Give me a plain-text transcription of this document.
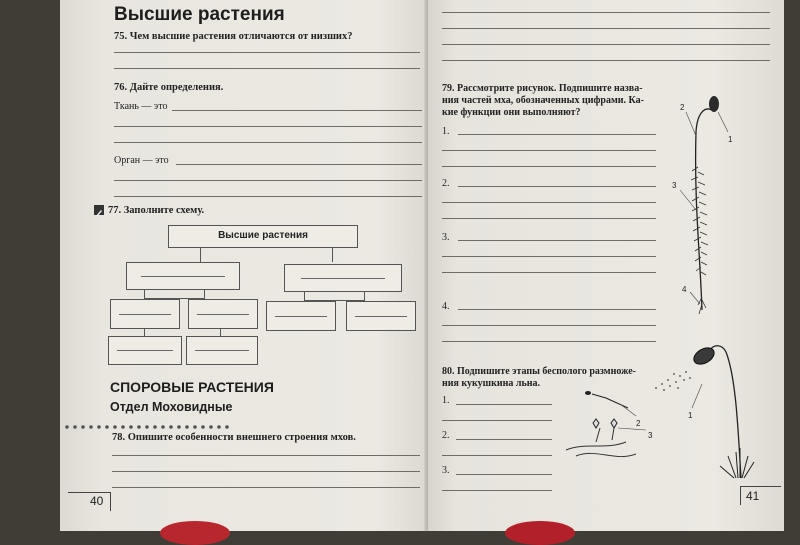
Высшие растения
75. Чем высшие растения отличаются от низших?
76. Дайте определения.
Ткань — это
Орган — это
77. Заполните схему.
Высшие растения
СПОРОВЫЕ РАСТЕНИЯ
Отдел Моховидные
78. Опишите особенности внешнего строения мхов.
40
79. Рассмотрите рисунок. Подпишите назва-
ния частей мха, обозначенных цифрами. Ка-
кие функции они выполняют?
1.
2.
3.
4.
2
1
3
4
80. Подпишите этапы бесполого размноже-
ния кукушкина льна.
1.
2.
3.
1
2
3
41
